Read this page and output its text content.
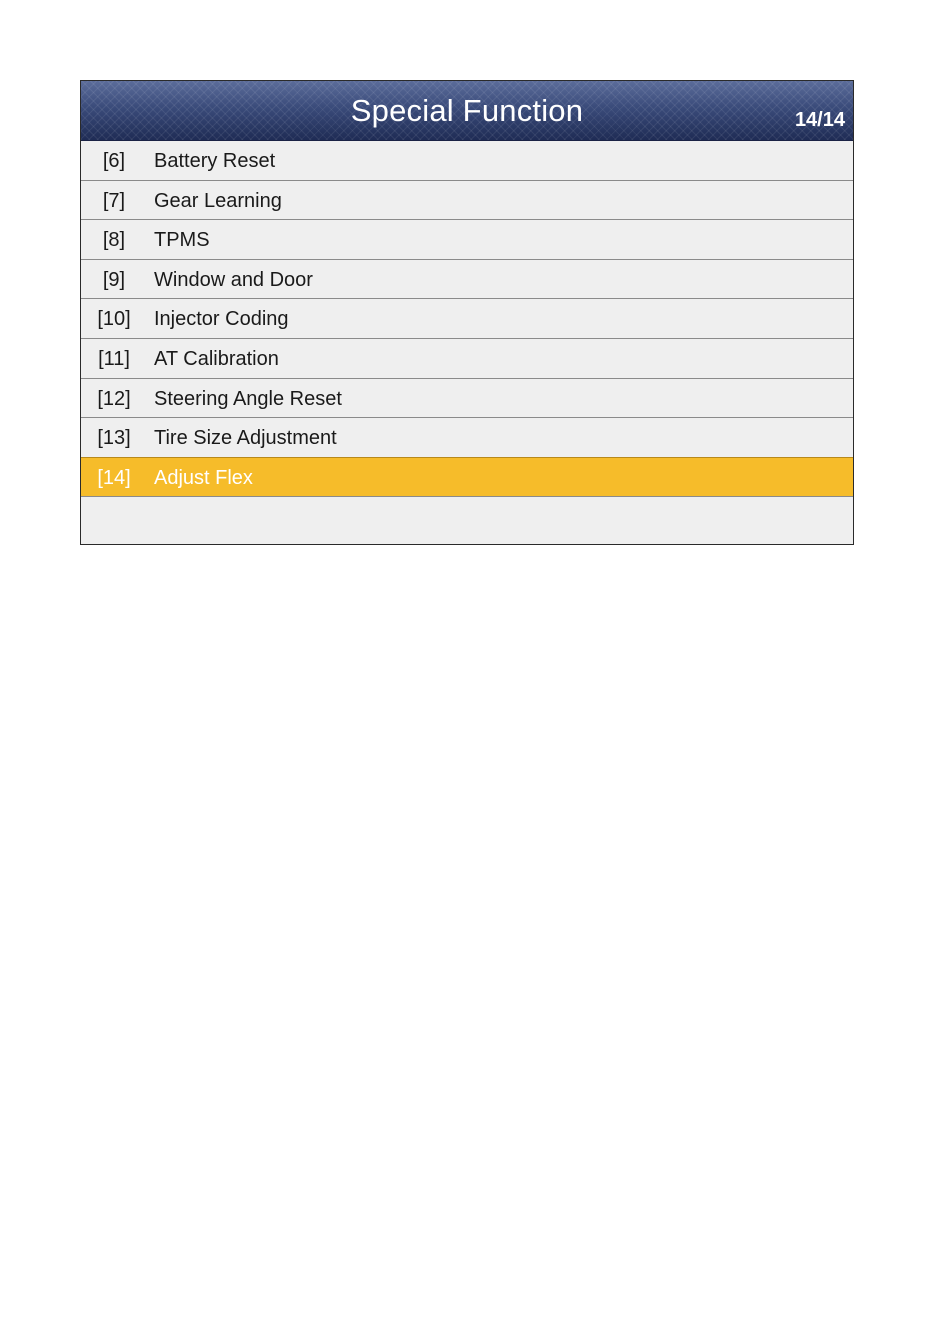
Special Function	14/14
[6]	Battery Reset
[7]	Gear Learning
[8]	TPMS
[9]	Window and Door
[10]	Injector Coding
[11]	AT Calibration
[12]	Steering Angle Reset
[13]	Tire Size Adjustment
[14]	Adjust Flex
